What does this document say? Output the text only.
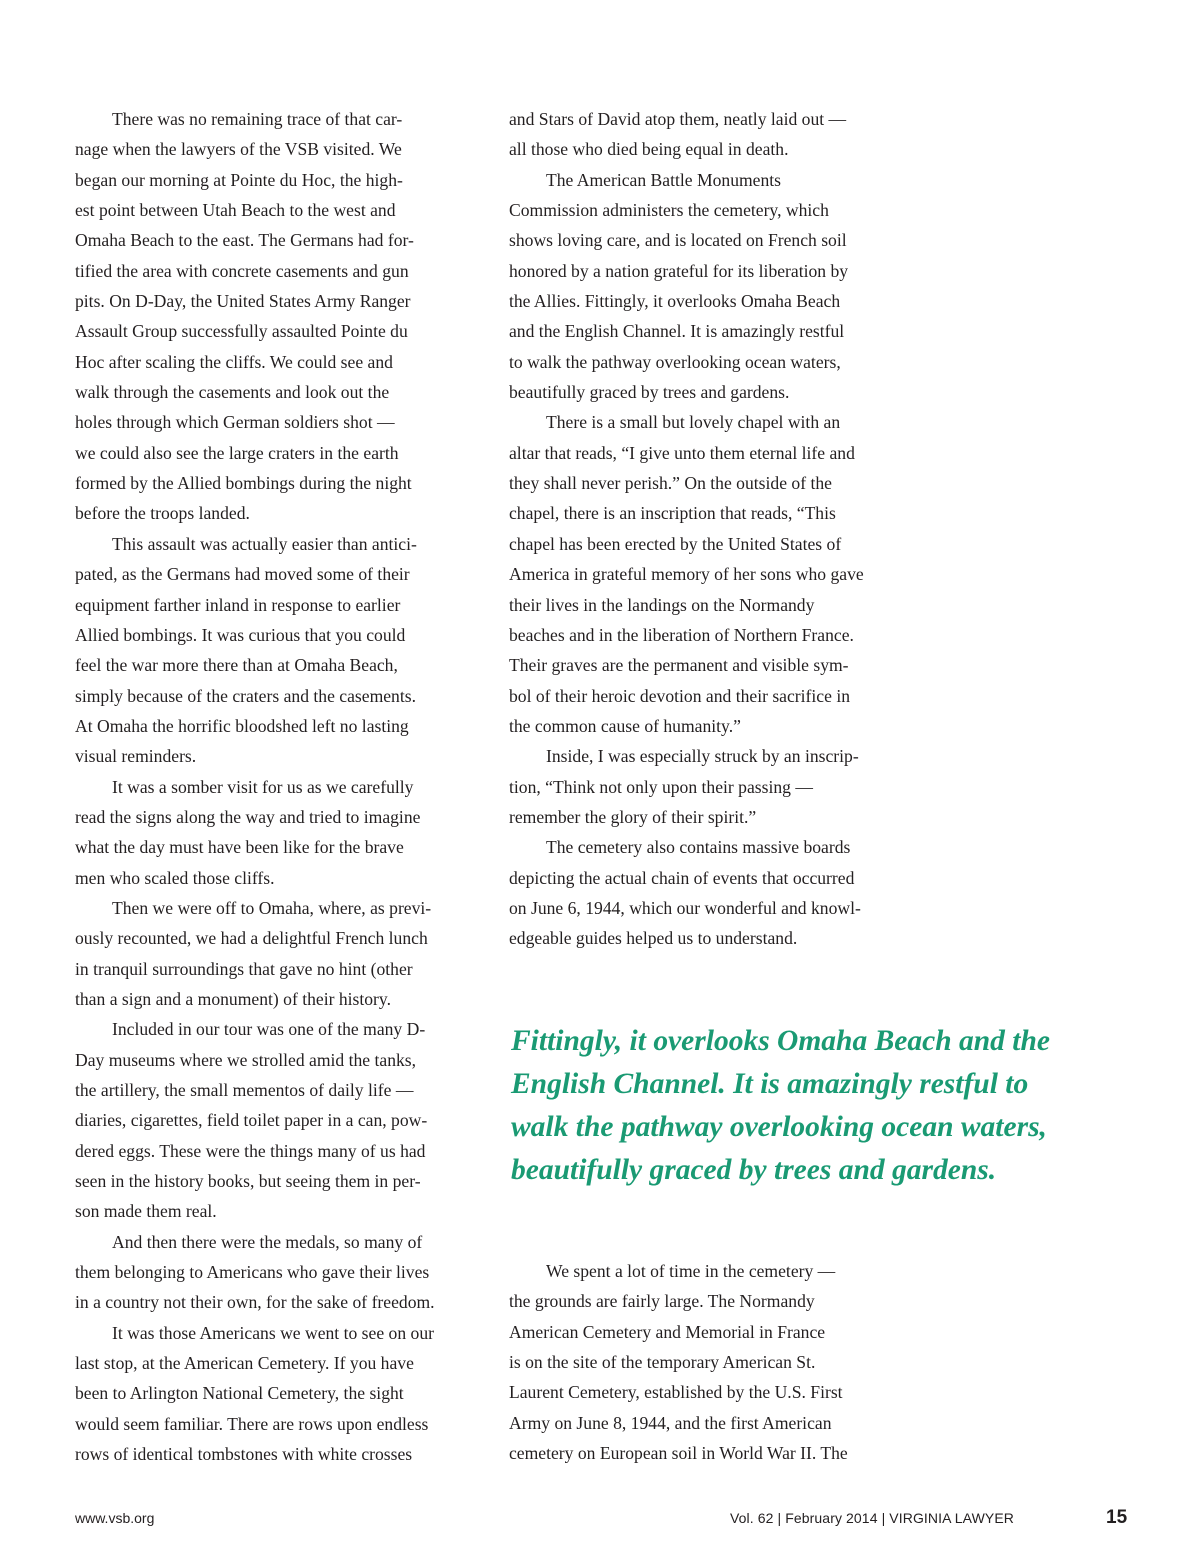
There was no remaining trace of that car-
nage when the lawyers of the VSB visited. We
began our morning at Pointe du Hoc, the high-
est point between Utah Beach to the west and
Omaha Beach to the east. The Germans had for-
tified the area with concrete casements and gun
pits. On D-Day, the United States Army Ranger
Assault Group successfully assaulted Pointe du
Hoc after scaling the cliffs. We could see and
walk through the casements and look out the
holes through which German soldiers shot —
we could also see the large craters in the earth
formed by the Allied bombings during the night
before the troops landed.

This assault was actually easier than antici-
pated, as the Germans had moved some of their
equipment farther inland in response to earlier
Allied bombings. It was curious that you could
feel the war more there than at Omaha Beach,
simply because of the craters and the casements.
At Omaha the horrific bloodshed left no lasting
visual reminders.

It was a somber visit for us as we carefully
read the signs along the way and tried to imagine
what the day must have been like for the brave
men who scaled those cliffs.

Then we were off to Omaha, where, as previ-
ously recounted, we had a delightful French lunch
in tranquil surroundings that gave no hint (other
than a sign and a monument) of their history.

Included in our tour was one of the many D-
Day museums where we strolled amid the tanks,
the artillery, the small mementos of daily life —
diaries, cigarettes, field toilet paper in a can, pow-
dered eggs. These were the things many of us had
seen in the history books, but seeing them in per-
son made them real.

And then there were the medals, so many of
them belonging to Americans who gave their lives
in a country not their own, for the sake of freedom.

It was those Americans we went to see on our
last stop, at the American Cemetery. If you have
been to Arlington National Cemetery, the sight
would seem familiar. There are rows upon endless
rows of identical tombstones with white crosses

and Stars of David atop them, neatly laid out —
all those who died being equal in death.

The American Battle Monuments
Commission administers the cemetery, which
shows loving care, and is located on French soil
honored by a nation grateful for its liberation by
the Allies. Fittingly, it overlooks Omaha Beach
and the English Channel. It is amazingly restful
to walk the pathway overlooking ocean waters,
beautifully graced by trees and gardens.

There is a small but lovely chapel with an
altar that reads, “I give unto them eternal life and
they shall never perish.” On the outside of the
chapel, there is an inscription that reads, “This
chapel has been erected by the United States of
America in grateful memory of her sons who gave
their lives in the landings on the Normandy
beaches and in the liberation of Northern France.
Their graves are the permanent and visible sym-
bol of their heroic devotion and their sacrifice in
the common cause of humanity.”

Inside, I was especially struck by an inscrip-
tion, “Think not only upon their passing —
remember the glory of their spirit.”

The cemetery also contains massive boards
depicting the actual chain of events that occurred
on June 6, 1944, which our wonderful and knowl-
edgeable guides helped us to understand.

Fittingly, it overlooks Omaha Beach and the
English Channel. It is amazingly restful to
walk the pathway overlooking ocean waters,
beautifully graced by trees and gardens.

We spent a lot of time in the cemetery —
the grounds are fairly large. The Normandy
American Cemetery and Memorial in France
is on the site of the temporary American St.
Laurent Cemetery, established by the U.S. First
Army on June 8, 1944, and the first American
cemetery on European soil in World War II. The

www.vsb.org	Vol. 62 | February 2014 | VIRGINIA LAWYER	15
